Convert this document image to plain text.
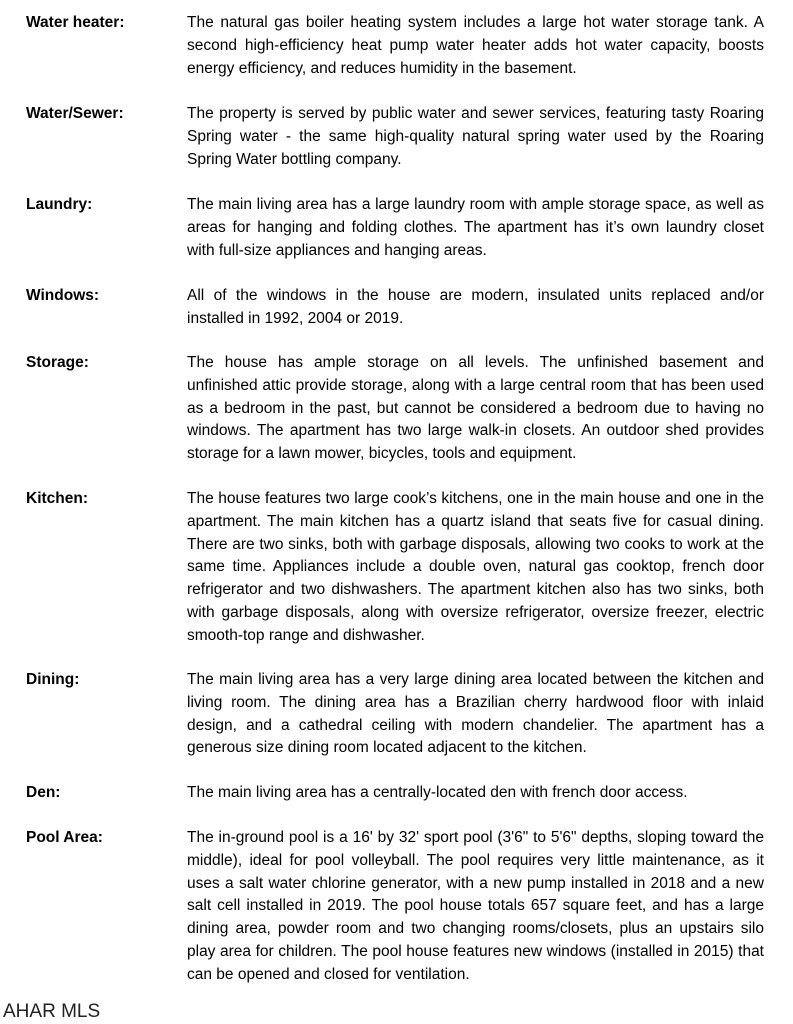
Water heater:	The natural gas boiler heating system includes a large hot water storage tank. A second high-efficiency heat pump water heater adds hot water capacity, boosts energy efficiency, and reduces humidity in the basement.
Water/Sewer:	The property is served by public water and sewer services, featuring tasty Roaring Spring water - the same high-quality natural spring water used by the Roaring Spring Water bottling company.
Laundry:	The main living area has a large laundry room with ample storage space, as well as areas for hanging and folding clothes. The apartment has it’s own laundry closet with full-size appliances and hanging areas.
Windows:	All of the windows in the house are modern, insulated units replaced and/or installed in 1992, 2004 or 2019.
Storage:	The house has ample storage on all levels. The unfinished basement and unfinished attic provide storage, along with a large central room that has been used as a bedroom in the past, but cannot be considered a bedroom due to having no windows. The apartment has two large walk-in closets. An outdoor shed provides storage for a lawn mower, bicycles, tools and equipment.
Kitchen:	The house features two large cook’s kitchens, one in the main house and one in the apartment. The main kitchen has a quartz island that seats five for casual dining. There are two sinks, both with garbage disposals, allowing two cooks to work at the same time. Appliances include a double oven, natural gas cooktop, french door refrigerator and two dishwashers. The apartment kitchen also has two sinks, both with garbage disposals, along with oversize refrigerator, oversize freezer, electric smooth-top range and dishwasher.
Dining:	The main living area has a very large dining area located between the kitchen and living room. The dining area has a Brazilian cherry hardwood floor with inlaid design, and a cathedral ceiling with modern chandelier. The apartment has a generous size dining room located adjacent to the kitchen.
Den:	The main living area has a centrally-located den with french door access.
Pool Area:	The in-ground pool is a 16' by 32' sport pool (3'6" to 5'6" depths, sloping toward the middle), ideal for pool volleyball. The pool requires very little maintenance, as it uses a salt water chlorine generator, with a new pump installed in 2018 and a new salt cell installed in 2019. The pool house totals 657 square feet, and has a large dining area, powder room and two changing rooms/closets, plus an upstairs silo play area for children. The pool house features new windows (installed in 2015) that can be opened and closed for ventilation.
AHAR MLS
